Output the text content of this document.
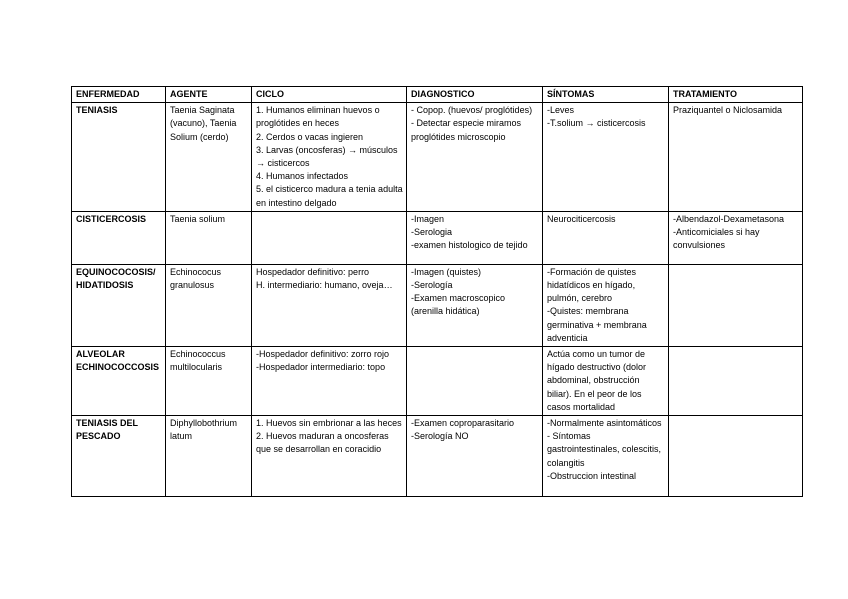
ENFERMEDAD	AGENTE	CICLO	DIAGNOSTICO	SÍNTOMAS	TRATAMIENTO
TENIASIS	Taenia Saginata (vacuno), Taenia Solium (cerdo)	1. Humanos eliminan huevos o proglótides en heces
2. Cerdos o vacas ingieren
3. Larvas (oncosferas) → músculos → cisticercos
4. Humanos infectados
5. el cisticerco madura a tenia adulta en intestino delgado	- Copop. (huevos/ proglótides)
- Detectar especie miramos proglótides microscopio	-Leves
-T.solium → cisticercosis	Praziquantel o Niclosamida

CISTICERCOSIS	Taenia solium		-Imagen
-Serologia
-examen histologico de tejido	Neurociticercosis	-Albendazol-Dexametasona
-Anticomiciales si hay convulsiones

EQUINOCOCOSIS/ HIDATIDOSIS	Echinococus granulosus	Hospedador definitivo: perro
H. intermediario: humano, oveja…	-Imagen (quistes)
-Serología
-Examen macroscopico (arenilla hidática)	-Formación de quistes hidatídicos en hígado, pulmón, cerebro
-Quistes: membrana germinativa + membrana adventicia	

ALVEOLAR ECHINOCOCCOSIS	Echinococcus multilocularis	-Hospedador definitivo: zorro rojo
-Hospedador intermediario: topo		Actúa como un tumor de hígado destructivo (dolor abdominal, obstrucción biliar). En el peor de los casos mortalidad	

TENIASIS DEL PESCADO	Diphyllobothrium latum	1. Huevos sin embrionar a las heces
2. Huevos maduran a oncosferas que se desarrollan en coracidio	-Examen coproparasitario
-Serología NO	-Normalmente asintomáticos
- Síntomas gastrointestinales, colescitis, colangitis
-Obstruccion intestinal	
